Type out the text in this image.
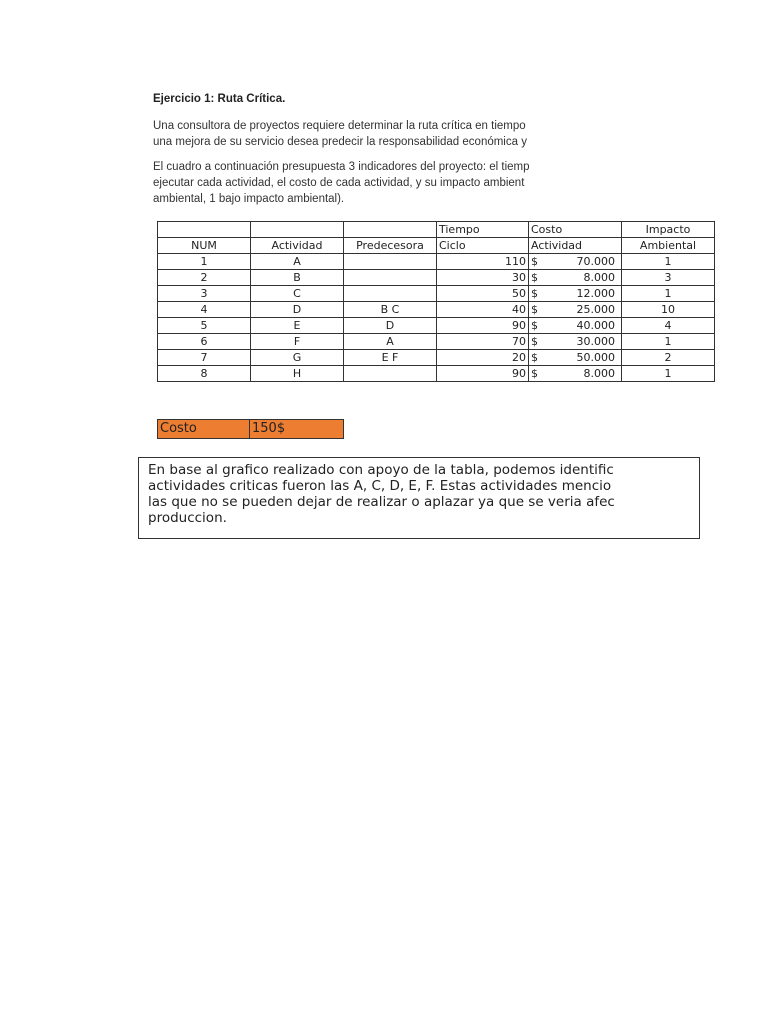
Ejercicio 1: Ruta Crítica.
Una consultora de proyectos requiere determinar la ruta crítica en tiempo
una mejora de su servicio desea predecir la responsabilidad económica y
El cuadro a continuación presupuesta 3 indicadores del proyecto: el tiemp
ejecutar cada actividad, el costo de cada actividad, y su impacto ambient
ambiental, 1 bajo impacto ambiental).
			Tiempo	Costo	Impacto
NUM	Actividad	Predecesora	Ciclo	Actividad	Ambiental
1	A		110	$ 70.000	1
2	B		30	$ 8.000	3
3	C		50	$ 12.000	1
4	D	B C	40	$ 25.000	10
5	E	D	90	$ 40.000	4
6	F	A	70	$ 30.000	1
7	G	E F	20	$ 50.000	2
8	H		90	$ 8.000	1
Costo	150$
En base al grafico realizado con apoyo de la tabla, podemos identific
actividades criticas fueron las A, C, D, E, F. Estas actividades mencio
las que no se pueden dejar de realizar o aplazar ya que se veria afec
produccion.
